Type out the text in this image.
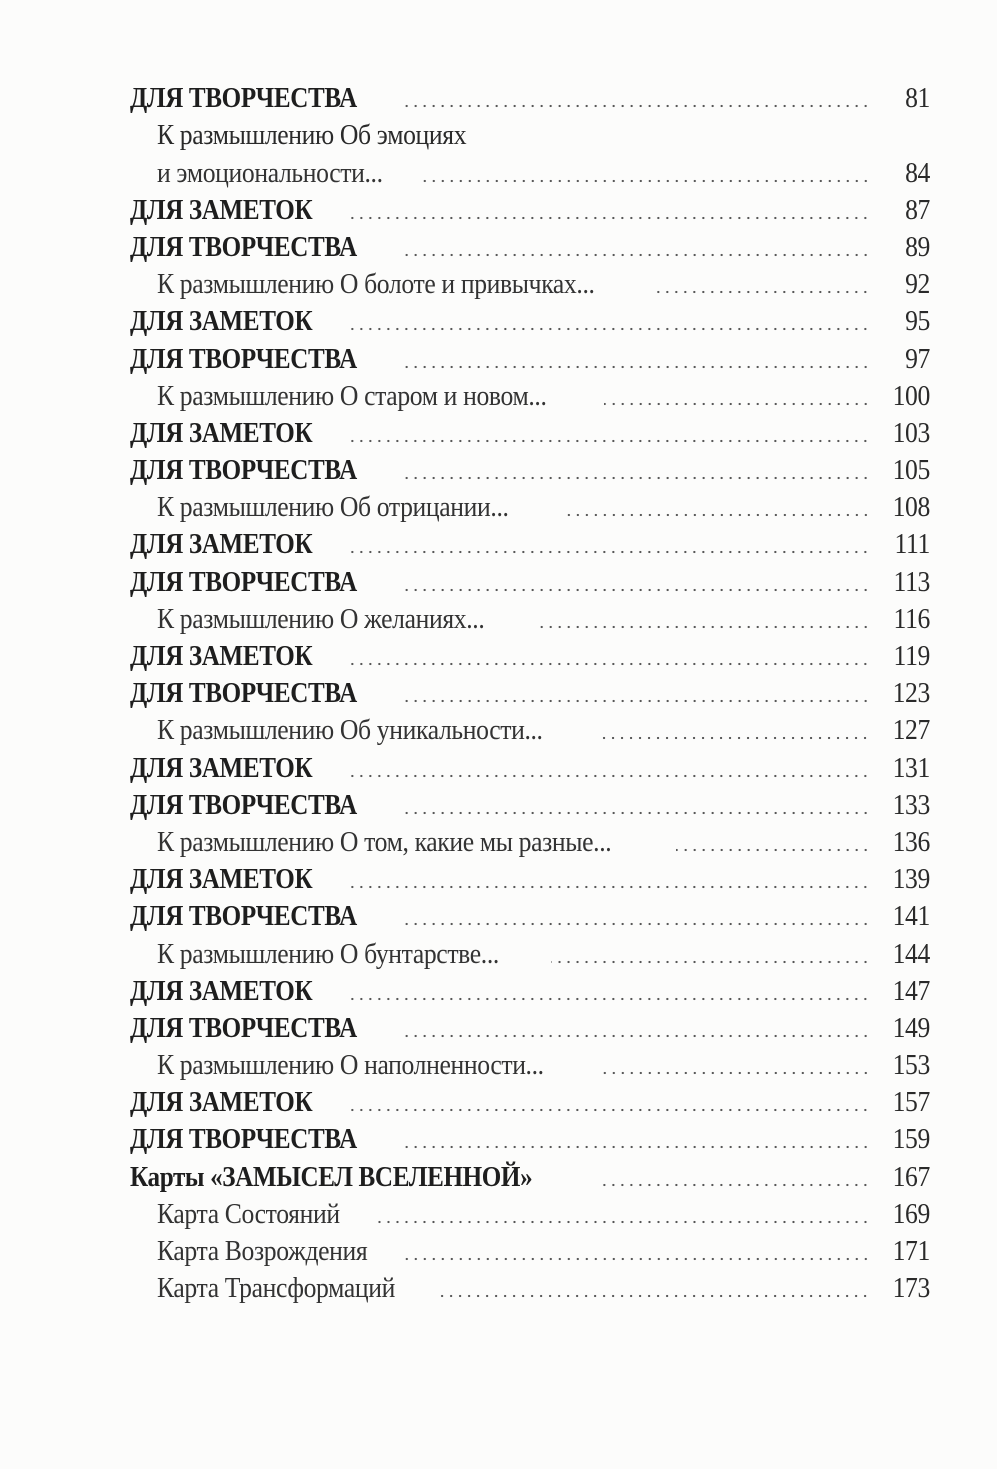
ДЛЯ ТВОРЧЕСТВА	81
К размышлению Об эмоциях
и эмоциональности...	84
ДЛЯ ЗАМЕТОК	87
ДЛЯ ТВОРЧЕСТВА	89
К размышлению О болоте и привычках...	92
ДЛЯ ЗАМЕТОК	95
ДЛЯ ТВОРЧЕСТВА	97
К размышлению О старом и новом...	100
ДЛЯ ЗАМЕТОК	103
ДЛЯ ТВОРЧЕСТВА	105
К размышлению Об отрицании...	108
ДЛЯ ЗАМЕТОК	111
ДЛЯ ТВОРЧЕСТВА	113
К размышлению О желаниях...	116
ДЛЯ ЗАМЕТОК	119
ДЛЯ ТВОРЧЕСТВА	123
К размышлению Об уникальности...	127
ДЛЯ ЗАМЕТОК	131
ДЛЯ ТВОРЧЕСТВА	133
К размышлению О том, какие мы разные...	136
ДЛЯ ЗАМЕТОК	139
ДЛЯ ТВОРЧЕСТВА	141
К размышлению О бунтарстве...	144
ДЛЯ ЗАМЕТОК	147
ДЛЯ ТВОРЧЕСТВА	149
К размышлению О наполненности...	153
ДЛЯ ЗАМЕТОК	157
ДЛЯ ТВОРЧЕСТВА	159
Карты «ЗАМЫСЕЛ ВСЕЛЕННОЙ»	167
Карта Состояний	169
Карта Возрождения	171
Карта Трансформаций	173
